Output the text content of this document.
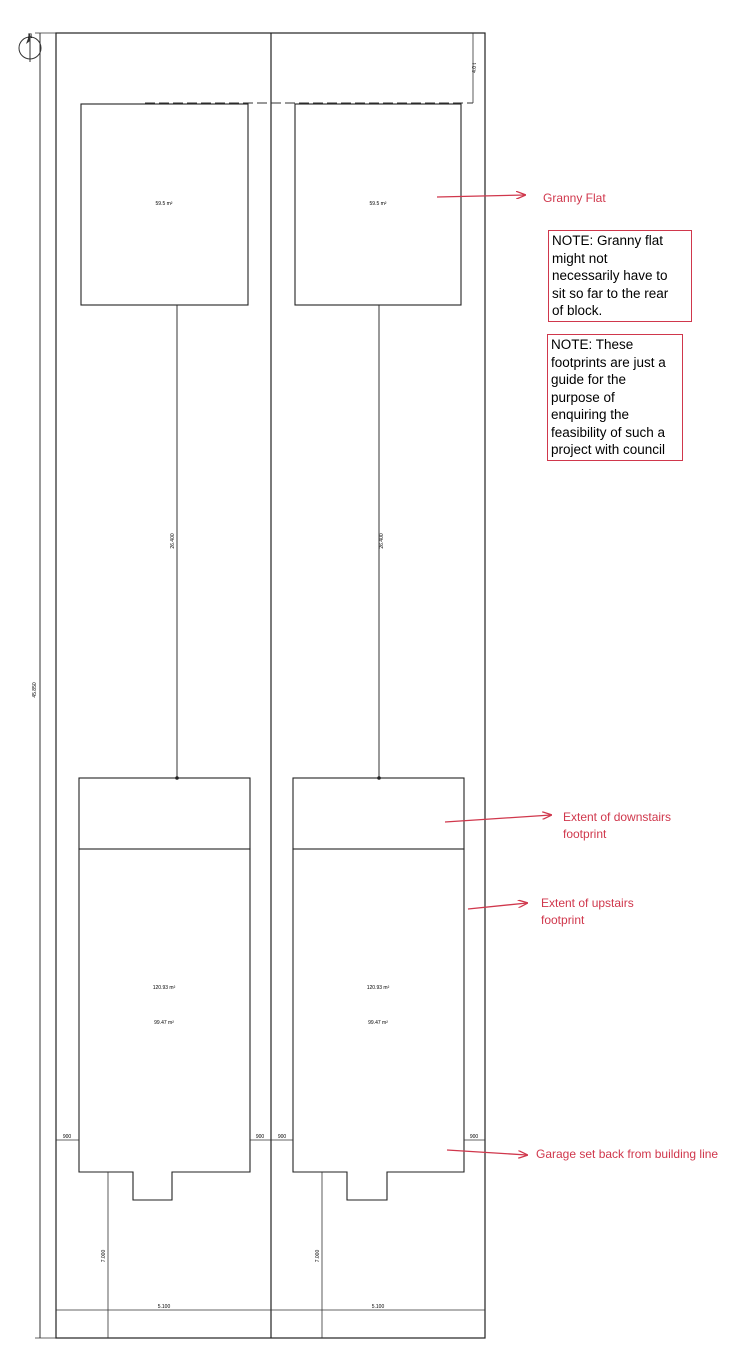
N
45.850
4.0 t
59.5 m²
26.400
120.93 m²
99.47 m²
900	900
7.000
5.100
59.5 m²
26.400
120.93 m²
99.47 m²
900	900
7.000
5.100
Granny Flat
Extent of downstairs
footprint
Extent of upstairs
footprint
Garage set back from building line
NOTE: Granny flat
might not
necessarily have to
sit so far to the rear
of block.
NOTE: These
footprints are just a
guide for the
purpose of
enquiring the
feasibility of such a
project with council
